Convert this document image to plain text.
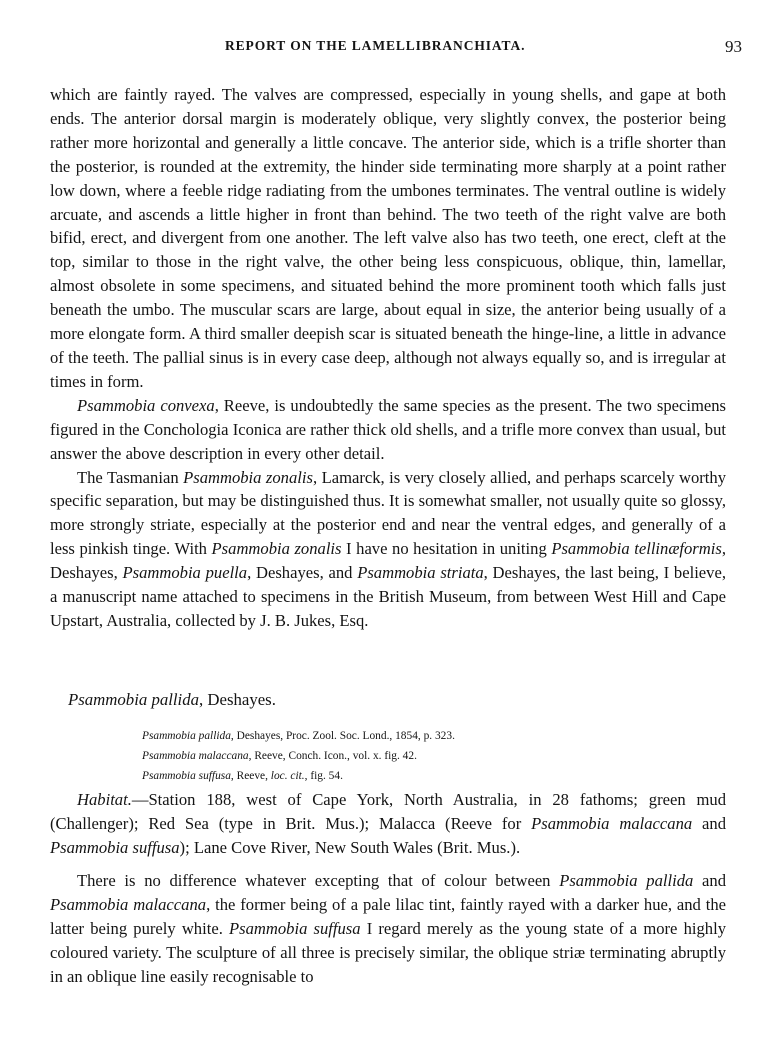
REPORT ON THE LAMELLIBRANCHIATA.	93

which are faintly rayed. The valves are compressed, especially in young shells, and gape at both ends. The anterior dorsal margin is moderately oblique, very slightly convex, the posterior being rather more horizontal and generally a little concave. The anterior side, which is a trifle shorter than the posterior, is rounded at the extremity, the hinder side terminating more sharply at a point rather low down, where a feeble ridge radiating from the umbones terminates. The ventral outline is widely arcuate, and ascends a little higher in front than behind. The two teeth of the right valve are both bifid, erect, and divergent from one another. The left valve also has two teeth, one erect, cleft at the top, similar to those in the right valve, the other being less conspicuous, oblique, thin, lamellar, almost obsolete in some specimens, and situated behind the more prominent tooth which falls just beneath the umbo. The muscular scars are large, about equal in size, the anterior being usually of a more elongate form. A third smaller deepish scar is situated beneath the hinge-line, a little in advance of the teeth. The pallial sinus is in every case deep, although not always equally so, and is irregular at times in form.

Psammobia convexa, Reeve, is undoubtedly the same species as the present. The two specimens figured in the Conchologia Iconica are rather thick old shells, and a trifle more convex than usual, but answer the above description in every other detail.

The Tasmanian Psammobia zonalis, Lamarck, is very closely allied, and perhaps scarcely worthy specific separation, but may be distinguished thus. It is somewhat smaller, not usually quite so glossy, more strongly striate, especially at the posterior end and near the ventral edges, and generally of a less pinkish tinge. With Psammobia zonalis I have no hesitation in uniting Psammobia tellinæformis, Deshayes, Psammobia puella, Deshayes, and Psammobia striata, Deshayes, the last being, I believe, a manuscript name attached to specimens in the British Museum, from between West Hill and Cape Upstart, Australia, collected by J. B. Jukes, Esq.

Psammobia pallida, Deshayes.
Psammobia pallida, Deshayes, Proc. Zool. Soc. Lond., 1854, p. 323.
Psammobia malaccana, Reeve, Conch. Icon., vol. x. fig. 42.
Psammobia suffusa, Reeve, loc. cit., fig. 54.

Habitat.—Station 188, west of Cape York, North Australia, in 28 fathoms; green mud (Challenger); Red Sea (type in Brit. Mus.); Malacca (Reeve for Psammobia malaccana and Psammobia suffusa); Lane Cove River, New South Wales (Brit. Mus.).

There is no difference whatever excepting that of colour between Psammobia pallida and Psammobia malaccana, the former being of a pale lilac tint, faintly rayed with a darker hue, and the latter being purely white. Psammobia suffusa I regard merely as the young state of a more highly coloured variety. The sculpture of all three is precisely similar, the oblique striæ terminating abruptly in an oblique line easily recognisable to
